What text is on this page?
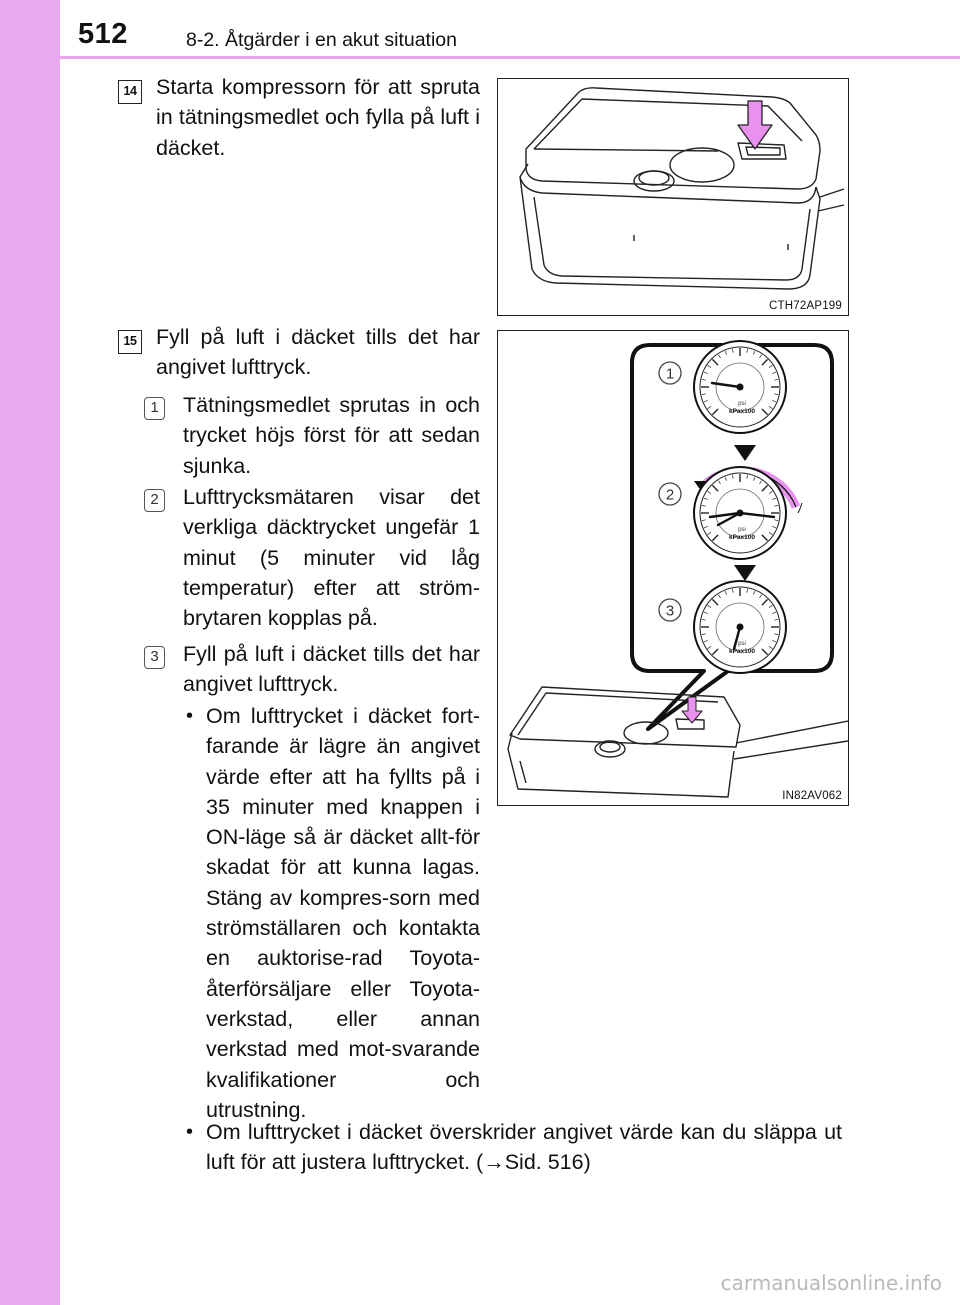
512	8-2. Åtgärder i en akut situation
14 Starta kompressorn för att spruta in tätningsmedlet och fylla på luft i däcket.

CTH72AP199
15 Fyll på luft i däcket tills det har angivet lufttryck.

1 Tätningsmedlet sprutas in och trycket höjs först för att sedan sjunka.

2 Lufttrycksmätaren visar det verkliga däcktrycket ungefär 1 minut (5 minuter vid låg temperatur) efter att ström-brytaren kopplas på.

3 Fyll på luft i däcket tills det har angivet lufttryck.

• Om lufttrycket i däcket fort-farande är lägre än angivet värde efter att ha fyllts på i 35 minuter med knappen i ON-läge så är däcket allt-för skadat för att kunna lagas. Stäng av kompres-sorn med strömställaren och kontakta en auktorise-rad Toyota-återförsäljare eller Toyota-verkstad, eller annan verkstad med mot-svarande kvalifikationer och utrustning.

• Om lufttrycket i däcket överskrider angivet värde kan du släppa ut luft för att justera lufttrycket. (→Sid. 516)

psi
kPax100
psi
kPax100
psi
kPax100
1
2
3
IN82AV062
carmanualsonline.info
